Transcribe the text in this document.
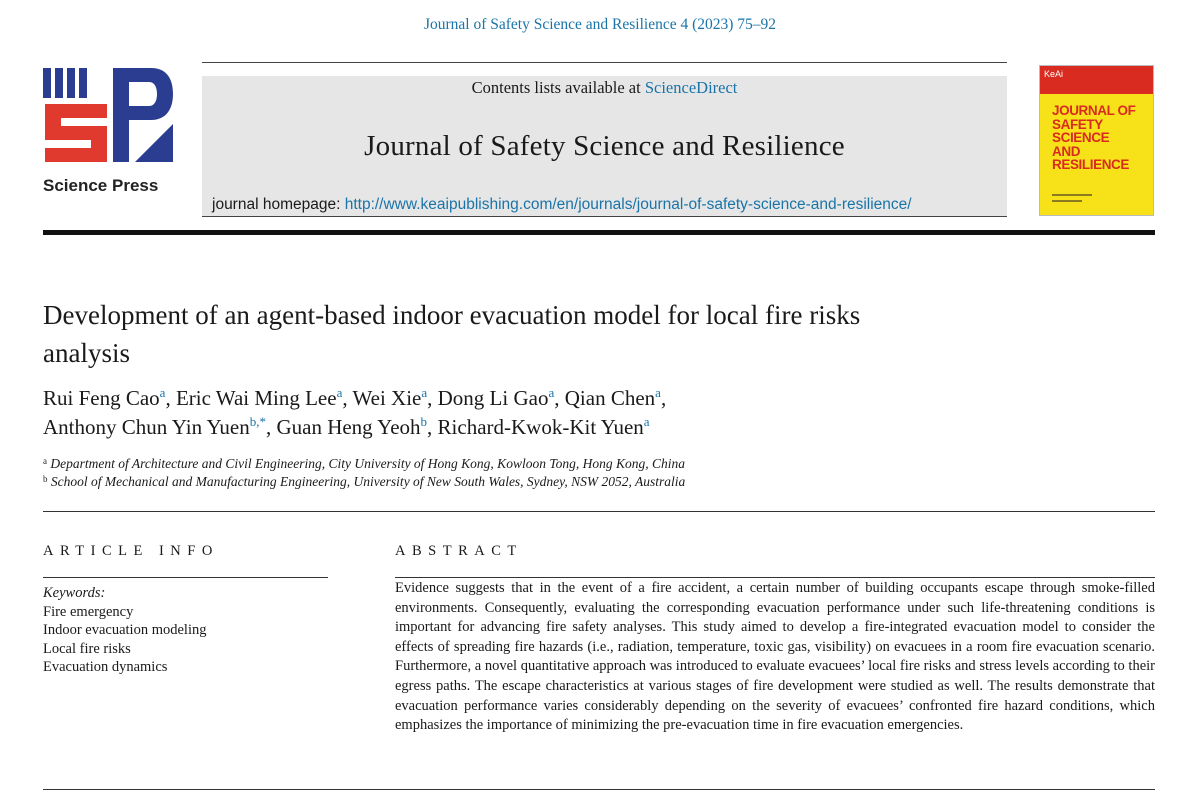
Journal of Safety Science and Resilience 4 (2023) 75–92
Science Press
Contents lists available at ScienceDirect
Journal of Safety Science and Resilience
journal homepage: http://www.keaipublishing.com/en/journals/journal-of-safety-science-and-resilience/
KeAi
JOURNAL OF
SAFETY SCIENCE
AND RESILIENCE
Development of an agent-based indoor evacuation model for local fire risks
analysis
Rui Feng Cao$^a$, Eric Wai Ming Lee$^a$, Wei Xie$^a$, Dong Li Gao$^a$, Qian Chen$^a$,
Anthony Chun Yin Yuen$^{b,*}$, Guan Heng Yeoh$^b$, Richard-Kwok-Kit Yuen$^a$
$^a$ Department of Architecture and Civil Engineering, City University of Hong Kong, Kowloon Tong, Hong Kong, China
$^b$ School of Mechanical and Manufacturing Engineering, University of New South Wales, Sydney, NSW 2052, Australia
ARTICLE INFO
Keywords:
Fire emergency
Indoor evacuation modeling
Local fire risks
Evacuation dynamics
ABSTRACT
Evidence suggests that in the event of a fire accident, a certain number of building occupants escape through smoke-filled environments. Consequently, evaluating the corresponding evacuation performance under such life-threatening conditions is important for advancing fire safety analyses. This study aimed to develop a fire-integrated evacuation model to consider the effects of spreading fire hazards (i.e., radiation, temperature, toxic gas, visibility) on evacuees in a room fire evacuation scenario. Furthermore, a novel quantitative approach was introduced to evaluate evacuees’ local fire risks and stress levels according to their egress paths. The escape characteristics at various stages of fire development were studied as well. The results demonstrate that evacuation performance varies considerably depending on the severity of evacuees’ confronted fire hazard conditions, which emphasizes the importance of minimizing the pre-evacuation time in fire evacuation emergencies.
